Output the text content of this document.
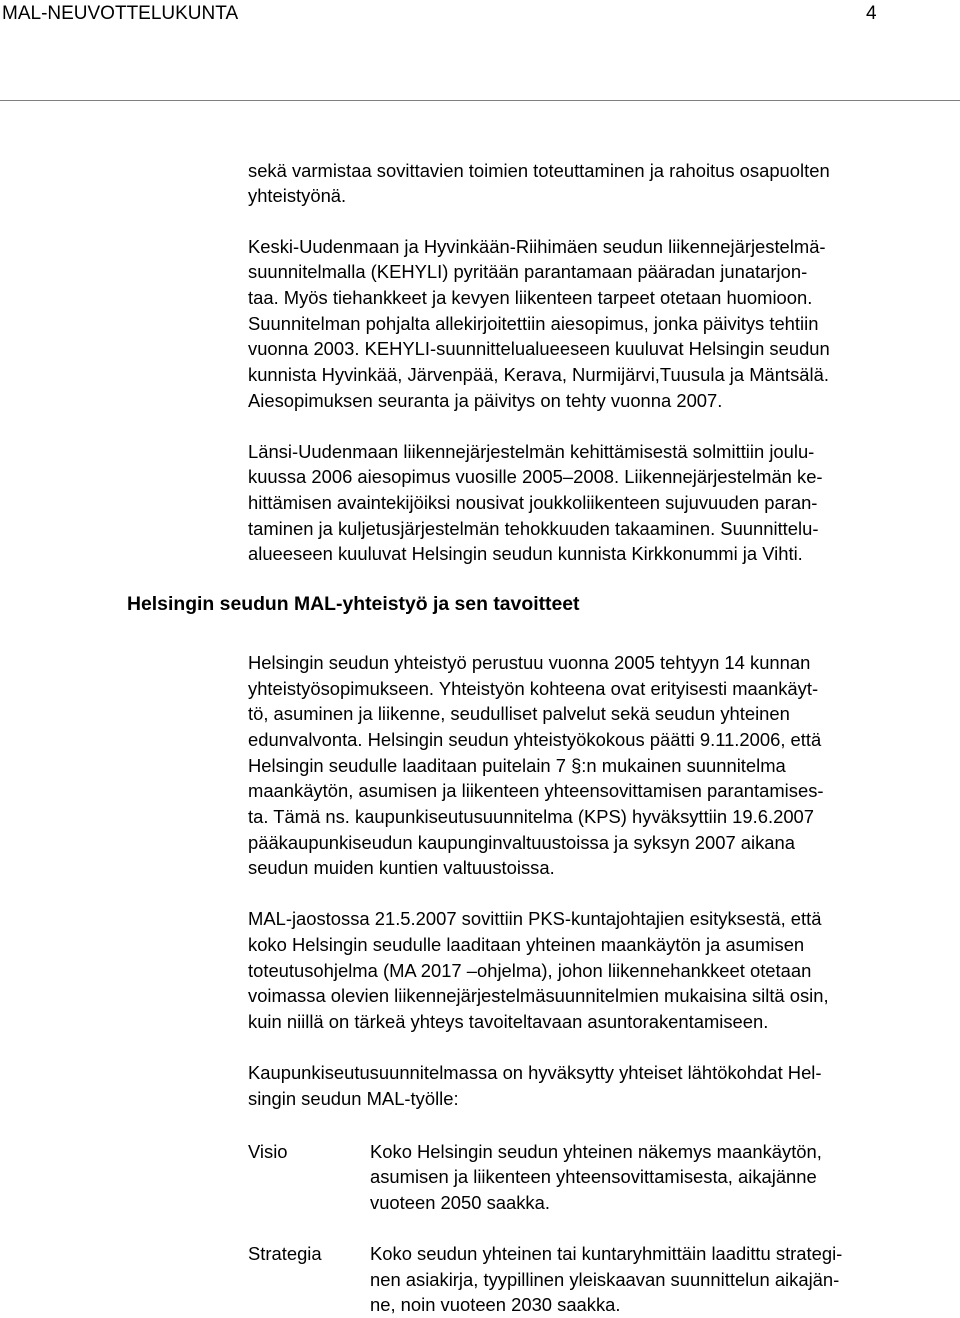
MAL-NEUVOTTELUKUNTA	4
sekä varmistaa sovittavien toimien toteuttaminen ja rahoitus osapuolten
yhteistyönä.
Keski-Uudenmaan ja Hyvinkään-Riihimäen seudun liikennejärjestelmä-
suunnitelmalla (KEHYLI) pyritään parantamaan pääradan junatarjon-
taa. Myös tiehankkeet ja kevyen liikenteen tarpeet otetaan huomioon.
Suunnitelman pohjalta allekirjoitettiin aiesopimus, jonka päivitys tehtiin
vuonna 2003. KEHYLI-suunnittelualueeseen kuuluvat Helsingin seudun
kunnista Hyvinkää, Järvenpää, Kerava, Nurmijärvi,Tuusula ja Mäntsälä.
Aiesopimuksen seuranta ja päivitys on tehty vuonna 2007.
Länsi-Uudenmaan liikennejärjestelmän kehittämisestä solmittiin joulu-
kuussa 2006 aiesopimus vuosille 2005–2008. Liikennejärjestelmän ke-
hittämisen avaintekijöiksi nousivat joukkoliikenteen sujuvuuden paran-
taminen ja kuljetusjärjestelmän tehokkuuden takaaminen. Suunnittelu-
alueeseen kuuluvat Helsingin seudun kunnista Kirkkonummi ja Vihti.
Helsingin seudun MAL-yhteistyö ja sen tavoitteet
Helsingin seudun yhteistyö perustuu vuonna 2005 tehtyyn 14 kunnan
yhteistyösopimukseen. Yhteistyön kohteena ovat erityisesti maankäyt-
tö, asuminen ja liikenne, seudulliset palvelut sekä seudun yhteinen
edunvalvonta. Helsingin seudun yhteistyökokous päätti 9.11.2006, että
Helsingin seudulle laaditaan puitelain 7 §:n mukainen suunnitelma
maankäytön, asumisen ja liikenteen yhteensovittamisen parantamises-
ta. Tämä ns. kaupunkiseutusuunnitelma (KPS) hyväksyttiin 19.6.2007
pääkaupunkiseudun kaupunginvaltuustoissa ja syksyn 2007 aikana
seudun muiden kuntien valtuustoissa.
MAL-jaostossa 21.5.2007 sovittiin PKS-kuntajohtajien esityksestä, että
koko Helsingin seudulle laaditaan yhteinen maankäytön ja asumisen
toteutusohjelma (MA 2017 –ohjelma), johon liikennehankkeet otetaan
voimassa olevien liikennejärjestelmäsuunnitelmien mukaisina siltä osin,
kuin niillä on tärkeä yhteys tavoiteltavaan asuntorakentamiseen.
Kaupunkiseutusuunnitelmassa on hyväksytty yhteiset lähtökohdat Hel-
singin seudun MAL-työlle:
Visio	Koko Helsingin seudun yhteinen näkemys maankäytön,
asumisen ja liikenteen yhteensovittamisesta, aikajänne
vuoteen 2050 saakka.
Strategia	Koko seudun yhteinen tai kuntaryhmittäin laadittu strategi-
nen asiakirja, tyypillinen yleiskaavan suunnittelun aikajän-
ne, noin vuoteen 2030 saakka.
